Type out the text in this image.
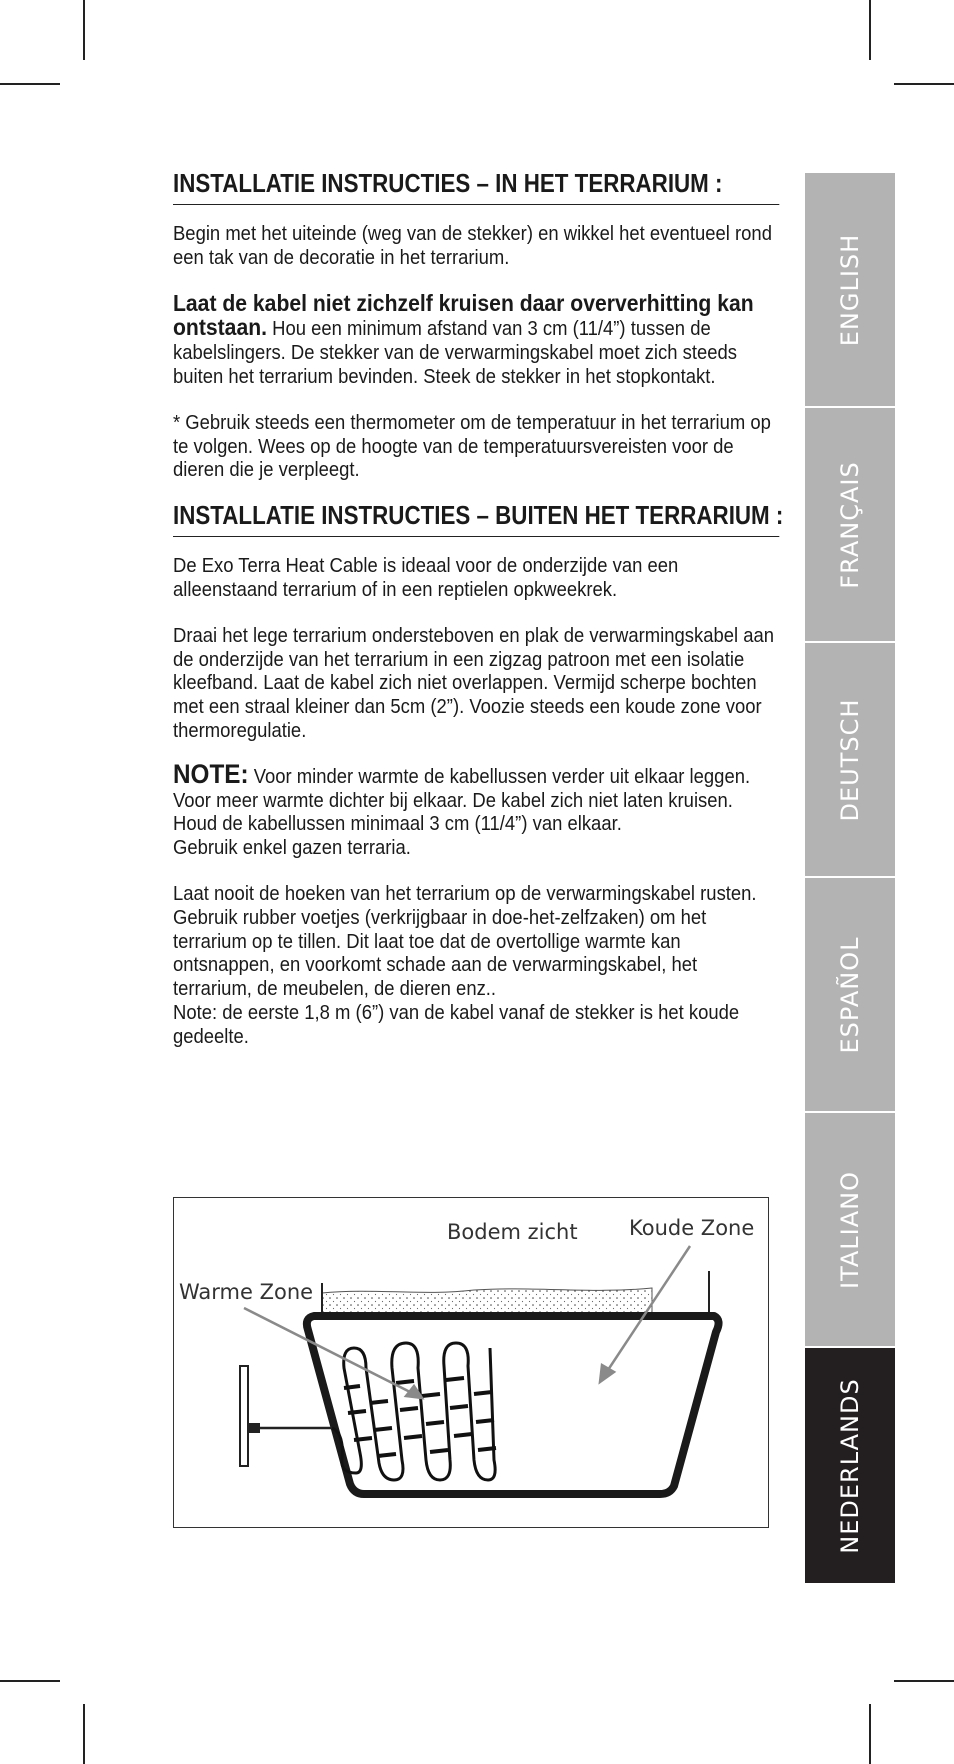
INSTALLATIE INSTRUCTIES – IN HET TERRARIUM :

Begin met het uiteinde (weg van de stekker) en wikkel het eventueel rond een tak van de decoratie in het terrarium.

Laat de kabel niet zichzelf kruisen daar oververhitting kan ontstaan. Hou een minimum afstand van 3 cm (11/4”) tussen de kabelslingers. De stekker van de verwarmingskabel moet zich steeds buiten het terrarium bevinden. Steek de stekker in het stopkontakt.

* Gebruik steeds een thermometer om de temperatuur in het terrarium op te volgen. Wees op de hoogte van de temperatuursvereisten voor de dieren die je verpleegt.

INSTALLATIE INSTRUCTIES – BUITEN HET TERRARIUM :

De Exo Terra Heat Cable is ideaal voor de onderzijde van een alleenstaand terrarium of in een reptielen opkweekrek.

Draai het lege terrarium ondersteboven en plak de verwarmingskabel aan de onderzijde van het terrarium in een zigzag patroon met een isolatie kleefband. Laat de kabel zich niet overlappen. Vermijd scherpe bochten met een straal kleiner dan 5cm (2”). Voozie steeds een koude zone voor thermoregulatie.

NOTE: Voor minder warmte de kabellussen verder uit elkaar leggen. Voor meer warmte dichter bij elkaar. De kabel zich niet laten kruisen. Houd de kabellussen minimaal 3 cm (11/4”) van elkaar.

Gebruik enkel gazen terraria.

Laat nooit de hoeken van het terrarium op de verwarmingskabel rusten. Gebruik rubber voetjes (verkrijgbaar in doe-het-zelfzaken) om het terrarium op te tillen. Dit laat toe dat de overtollige warmte kan ontsnappen, en voorkomt schade aan de verwarmingskabel, het terrarium, de meubelen, de dieren enz..

Note: de eerste 1,8 m (6”) van de kabel vanaf de stekker is het koude gedeelte.

Bodem zicht Koude Zone
Warme Zone
ENGLISH
FRANÇAIS
DEUTSCH
ESPAÑOL
ITALIANO
NEDERLANDS
